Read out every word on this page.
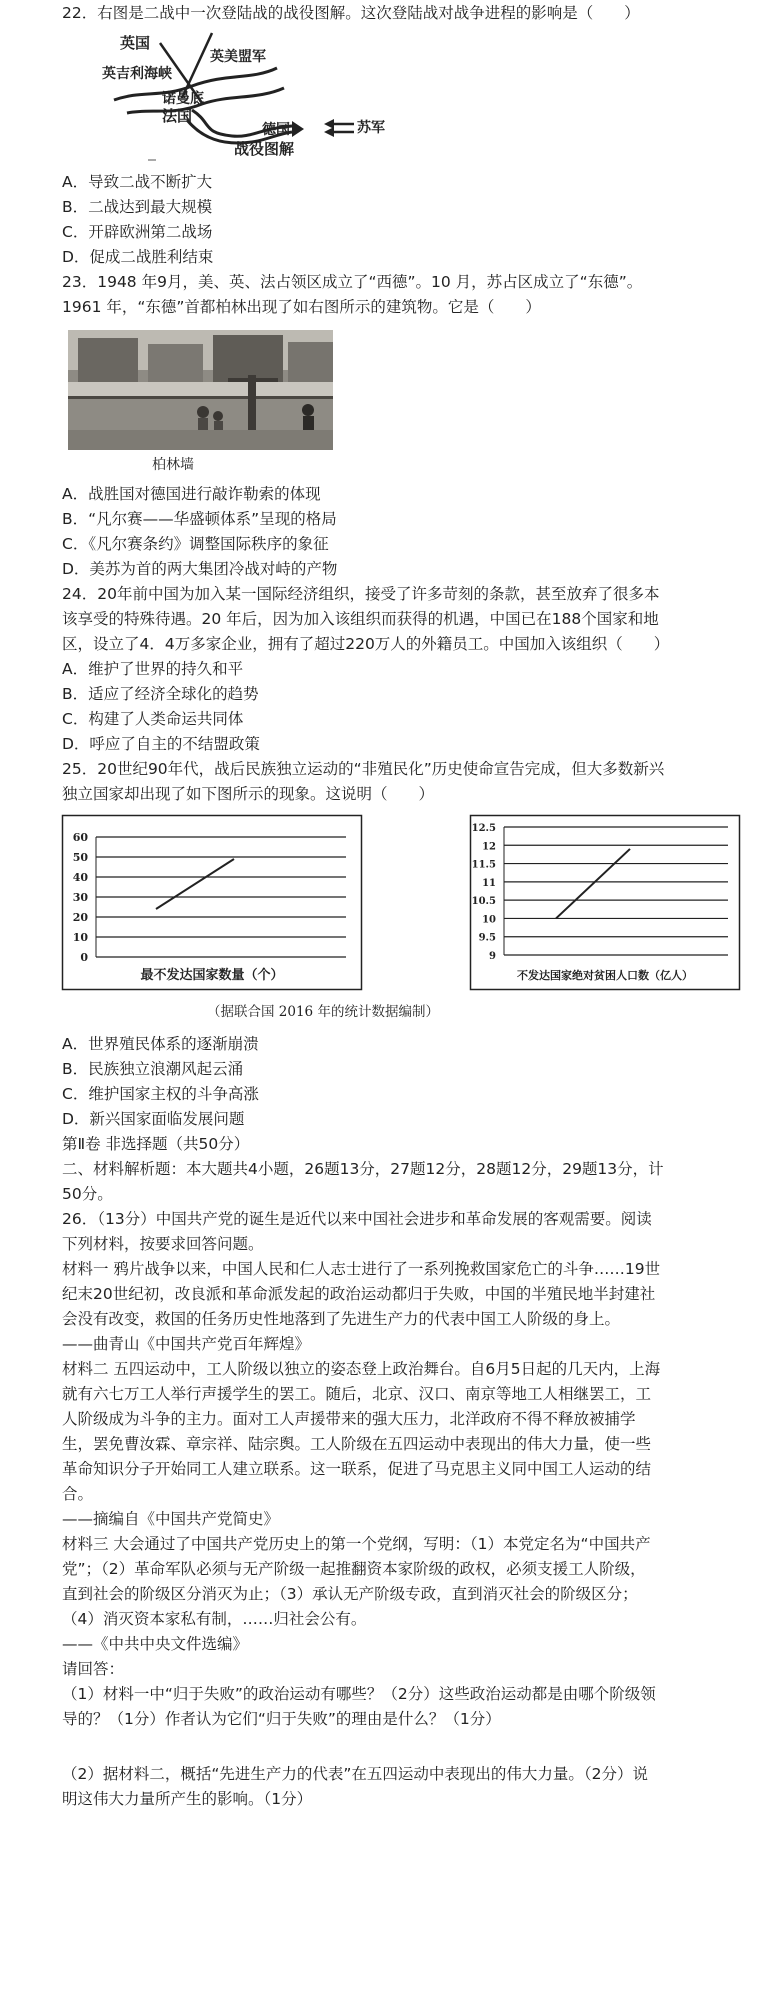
22．右图是二战中一次登陆战的战役图解。这次登陆战对战争进程的影响是（　　）
英国
英美盟军
英吉利海峡
诺曼底
法国
德国	苏军
战役图解
A．导致二战不断扩大
B．二战达到最大规模
C．开辟欧洲第二战场
D．促成二战胜利结束
23．1948 年9月，美、英、法占领区成立了“西德”。10 月，苏占区成立了“东德”。
1961 年，“东德”首都柏林出现了如右图所示的建筑物。它是（　　）
柏林墙
A．战胜国对德国进行敲诈勒索的体现
B．“凡尔赛——华盛顿体系”呈现的格局
C．《凡尔赛条约》调整国际秩序的象征
D．美苏为首的两大集团冷战对峙的产物
24．20年前中国为加入某一国际经济组织，接受了许多苛刻的条款，甚至放弃了很多本
该享受的特殊待遇。20 年后，因为加入该组织而获得的机遇，中国已在188个国家和地
区，设立了4．4万多家企业，拥有了超过220万人的外籍员工。中国加入该组织（　　）
A．维护了世界的持久和平
B．适应了经济全球化的趋势
C．构建了人类命运共同体
D．呼应了自主的不结盟政策
25．20世纪90年代，战后民族独立运动的“非殖民化”历史使命宣告完成，但大多数新兴
独立国家却出现了如下图所示的现象。这说明（　　）
0
10
20
30
40
50
60
最不发达国家数量（个）
9
9.5
10
10.5
11
11.5
12
12.5
不发达国家绝对贫困人口数（亿人）
（据联合国 2016 年的统计数据编制）
A．世界殖民体系的逐渐崩溃
B．民族独立浪潮风起云涌
C．维护国家主权的斗争高涨
D．新兴国家面临发展问题
第Ⅱ卷 非选择题（共50分）
二、材料解析题：本大题共4小题，26题13分，27题12分，28题12分，29题13分，计
50分。
26．（13分）中国共产党的诞生是近代以来中国社会进步和革命发展的客观需要。阅读
下列材料，按要求回答问题。
材料一 鸦片战争以来，中国人民和仁人志士进行了一系列挽救国家危亡的斗争……19世
纪末20世纪初，改良派和革命派发起的政治运动都归于失败，中国的半殖民地半封建社
会没有改变，救国的任务历史性地落到了先进生产力的代表中国工人阶级的身上。
——曲青山《中国共产党百年辉煌》
材料二 五四运动中，工人阶级以独立的姿态登上政治舞台。自6月5日起的几天内，上海
就有六七万工人举行声援学生的罢工。随后，北京、汉口、南京等地工人相继罢工，工
人阶级成为斗争的主力。面对工人声援带来的强大压力，北洋政府不得不释放被捕学
生，罢免曹汝霖、章宗祥、陆宗舆。工人阶级在五四运动中表现出的伟大力量，使一些
革命知识分子开始同工人建立联系。这一联系，促进了马克思主义同中国工人运动的结
合。
——摘编自《中国共产党简史》
材料三 大会通过了中国共产党历史上的第一个党纲，写明：（1）本党定名为“中国共产
党”；（2）革命军队必须与无产阶级一起推翻资本家阶级的政权，必须支援工人阶级，
直到社会的阶级区分消灭为止；（3）承认无产阶级专政，直到消灭社会的阶级区分；
（4）消灭资本家私有制，……归社会公有。
——《中共中央文件选编》
请回答：
（1）材料一中“归于失败”的政治运动有哪些？（2分）这些政治运动都是由哪个阶级领
导的？（1分）作者认为它们“归于失败”的理由是什么？（1分）
（2）据材料二，概括“先进生产力的代表”在五四运动中表现出的伟大力量。（2分）说
明这伟大力量所产生的影响。（1分）
